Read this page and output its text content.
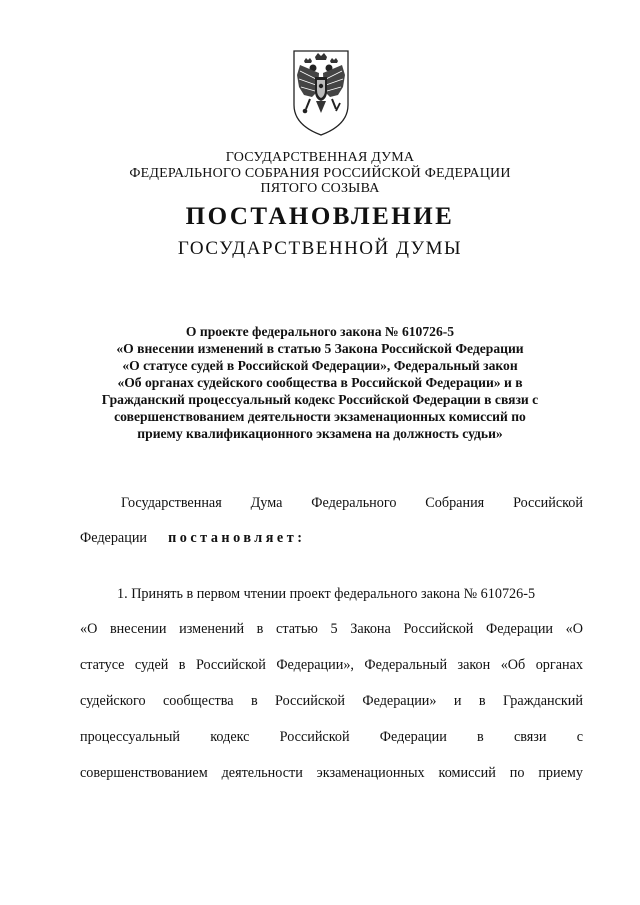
ГОСУДАРСТВЕННАЯ ДУМА
ФЕДЕРАЛЬНОГО СОБРАНИЯ РОССИЙСКОЙ ФЕДЕРАЦИИ
ПЯТОГО СОЗЫВА
ПОСТАНОВЛЕНИЕ
ГОСУДАРСТВЕННОЙ ДУМЫ
О проекте федерального закона № 610726-5
«О внесении изменений в статью 5 Закона Российской Федерации
«О статусе судей в Российской Федерации», Федеральный закон
«Об органах судейского сообщества в Российской Федерации» и в
Гражданский процессуальный кодекс Российской Федерации в связи с
совершенствованием деятельности экзаменационных комиссий по
приему квалификационного экзамена на должность судьи»
Государственная Дума Федерального Собрания Российской
Федерации постановляет:
1. Принять в первом чтении проект федерального закона № 610726-5
«О внесении изменений в статью 5 Закона Российской Федерации «О
статусе судей в Российской Федерации», Федеральный закон «Об органах
судейского сообщества в Российской Федерации» и в Гражданский
процессуальный кодекс Российской Федерации в связи с
совершенствованием деятельности экзаменационных комиссий по приему
